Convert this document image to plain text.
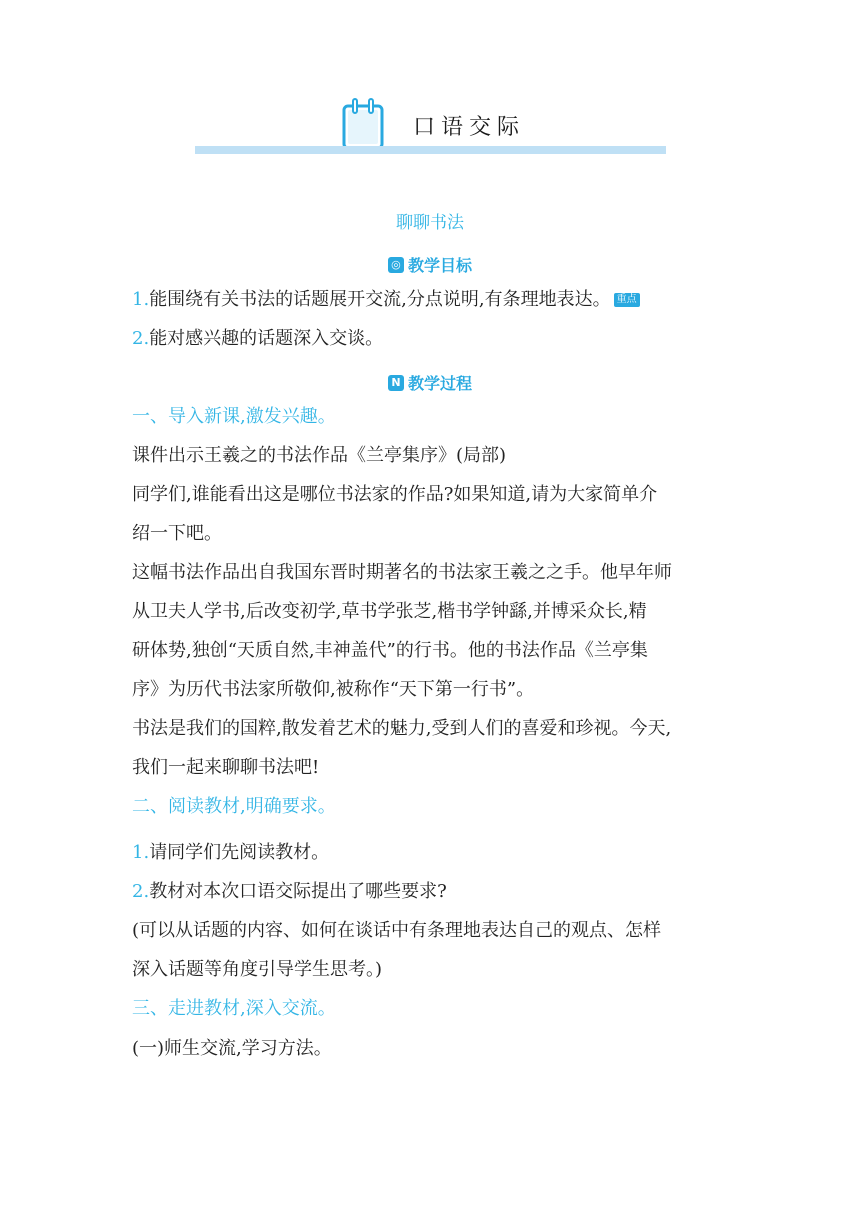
口语交际
聊聊书法
◎ 教学目标
1.能围绕有关书法的话题展开交流,分点说明,有条理地表达。 重点
2.能对感兴趣的话题深入交谈。
N 教学过程
一、导入新课,激发兴趣。
课件出示王羲之的书法作品《兰亭集序》(局部)
同学们,谁能看出这是哪位书法家的作品?如果知道,请为大家简单介
绍一下吧。
这幅书法作品出自我国东晋时期著名的书法家王羲之之手。他早年师
从卫夫人学书,后改变初学,草书学张芝,楷书学钟繇,并博采众长,精
研体势,独创“天质自然,丰神盖代”的行书。他的书法作品《兰亭集
序》为历代书法家所敬仰,被称作“天下第一行书”。
书法是我们的国粹,散发着艺术的魅力,受到人们的喜爱和珍视。今天,
我们一起来聊聊书法吧!
二、阅读教材,明确要求。
1.请同学们先阅读教材。
2.教材对本次口语交际提出了哪些要求?
(可以从话题的内容、如何在谈话中有条理地表达自己的观点、怎样
深入话题等角度引导学生思考。)
三、走进教材,深入交流。
(一)师生交流,学习方法。
